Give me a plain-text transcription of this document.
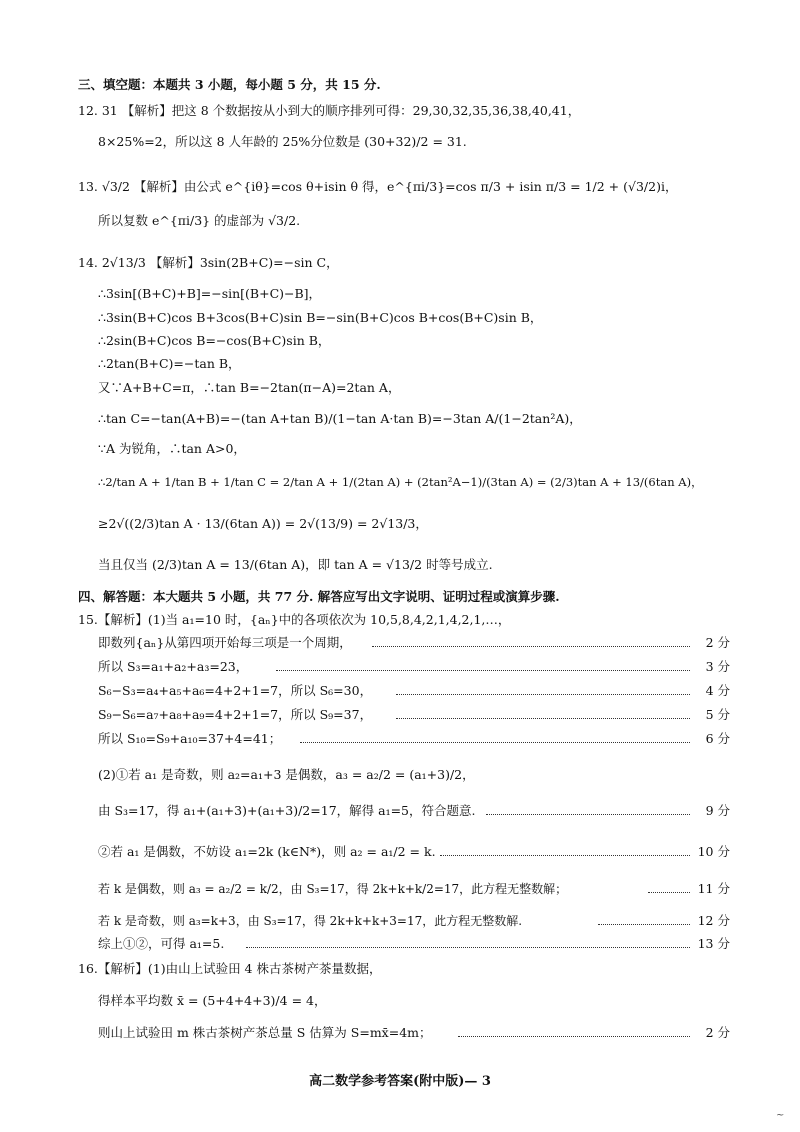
三、填空题：本题共 3 小题，每小题 5 分，共 15 分.
12. 31 【解析】把这 8 个数据按从小到大的顺序排列可得：29,30,32,35,36,38,40,41，
8×25%=2，所以这 8 人年龄的 25%分位数是 (30+32)/2 = 31.
13. √3/2 【解析】由公式 e^{iθ}=cos θ+isin θ 得，e^{πi/3}=cos π/3 + isin π/3 = 1/2 + (√3/2)i，
所以复数 e^{πi/3} 的虚部为 √3/2.
14. 2√13/3 【解析】3sin(2B+C)=−sin C，
∴3sin[(B+C)+B]=−sin[(B+C)−B]，
∴3sin(B+C)cos B+3cos(B+C)sin B=−sin(B+C)cos B+cos(B+C)sin B，
∴2sin(B+C)cos B=−cos(B+C)sin B，
∴2tan(B+C)=−tan B，
又∵A+B+C=π，∴tan B=−2tan(π−A)=2tan A，
∴tan C=−tan(A+B)=−(tan A+tan B)/(1−tan A·tan B)=−3tan A/(1−2tan²A)，
∵A 为锐角，∴tan A>0，
∴2/tan A + 1/tan B + 1/tan C = 2/tan A + 1/(2tan A) + (2tan²A−1)/(3tan A) = (2/3)tan A + 13/(6tan A)，
≥2√((2/3)tan A · 13/(6tan A)) = 2√(13/9) = 2√13/3，
当且仅当 (2/3)tan A = 13/(6tan A)，即 tan A = √13/2 时等号成立.
四、解答题：本大题共 5 小题，共 77 分. 解答应写出文字说明、证明过程或演算步骤.
15.【解析】(1)当 a₁=10 时，{aₙ}中的各项依次为 10,5,8,4,2,1,4,2,1,…，
即数列{aₙ}从第四项开始每三项是一个周期，	2 分
所以 S₃=a₁+a₂+a₃=23，	3 分
S₆−S₃=a₄+a₅+a₆=4+2+1=7，所以 S₆=30，	4 分
S₉−S₆=a₇+a₈+a₉=4+2+1=7，所以 S₉=37，	5 分
所以 S₁₀=S₉+a₁₀=37+4=41；	6 分
(2)①若 a₁ 是奇数，则 a₂=a₁+3 是偶数，a₃ = a₂/2 = (a₁+3)/2，
由 S₃=17，得 a₁+(a₁+3)+(a₁+3)/2=17，解得 a₁=5，符合题意.	9 分
②若 a₁ 是偶数，不妨设 a₁=2k (k∈N*)，则 a₂ = a₁/2 = k.	10 分
若 k 是偶数，则 a₃ = a₂/2 = k/2，由 S₃=17，得 2k+k+k/2=17，此方程无整数解；	11 分
若 k 是奇数，则 a₃=k+3，由 S₃=17，得 2k+k+k+3=17，此方程无整数解.	12 分
综上①②，可得 a₁=5.	13 分
16.【解析】(1)由山上试验田 4 株古茶树产茶量数据，
得样本平均数 x̄ = (5+4+4+3)/4 = 4，
则山上试验田 m 株古茶树产茶总量 S 估算为 S=mx̄=4m；	2 分
高二数学参考答案(附中版)— 3
~
